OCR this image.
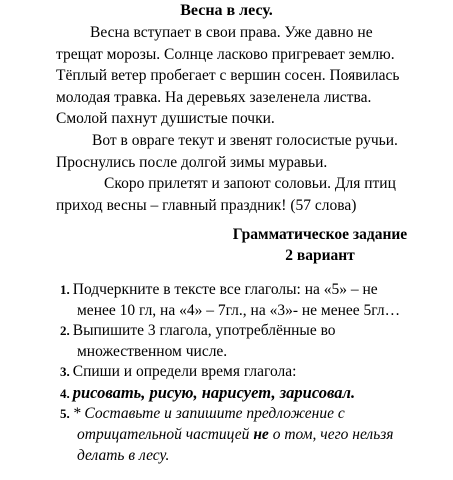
Весна в лесу.
Весна вступает в свои права. Уже давно не
трещат морозы. Солнце ласково пригревает землю.
Тёплый ветер пробегает с вершин сосен. Появилась
молодая травка. На деревьях зазеленела листва.
Смолой пахнут душистые почки.
Вот в овраге текут и звенят голосистые ручьи.
Проснулись после долгой зимы муравьи.
Скоро прилетят и запоют соловьи. Для птиц
приход весны – главный праздник! (57 слова)
Грамматическое задание
2 вариант
1. Подчеркните в тексте все глаголы: на «5» – не
менее 10 гл, на «4» – 7гл., на «3»- не менее 5гл…
2. Выпишите 3 глагола, употреблённые во
множественном числе.
3. Спиши и определи время глагола:
4. рисовать, рисую, нарисует, зарисовал.
5. * Составьте и запишите предложение с
отрицательной частицей не о том, чего нельзя
делать в лесу.
